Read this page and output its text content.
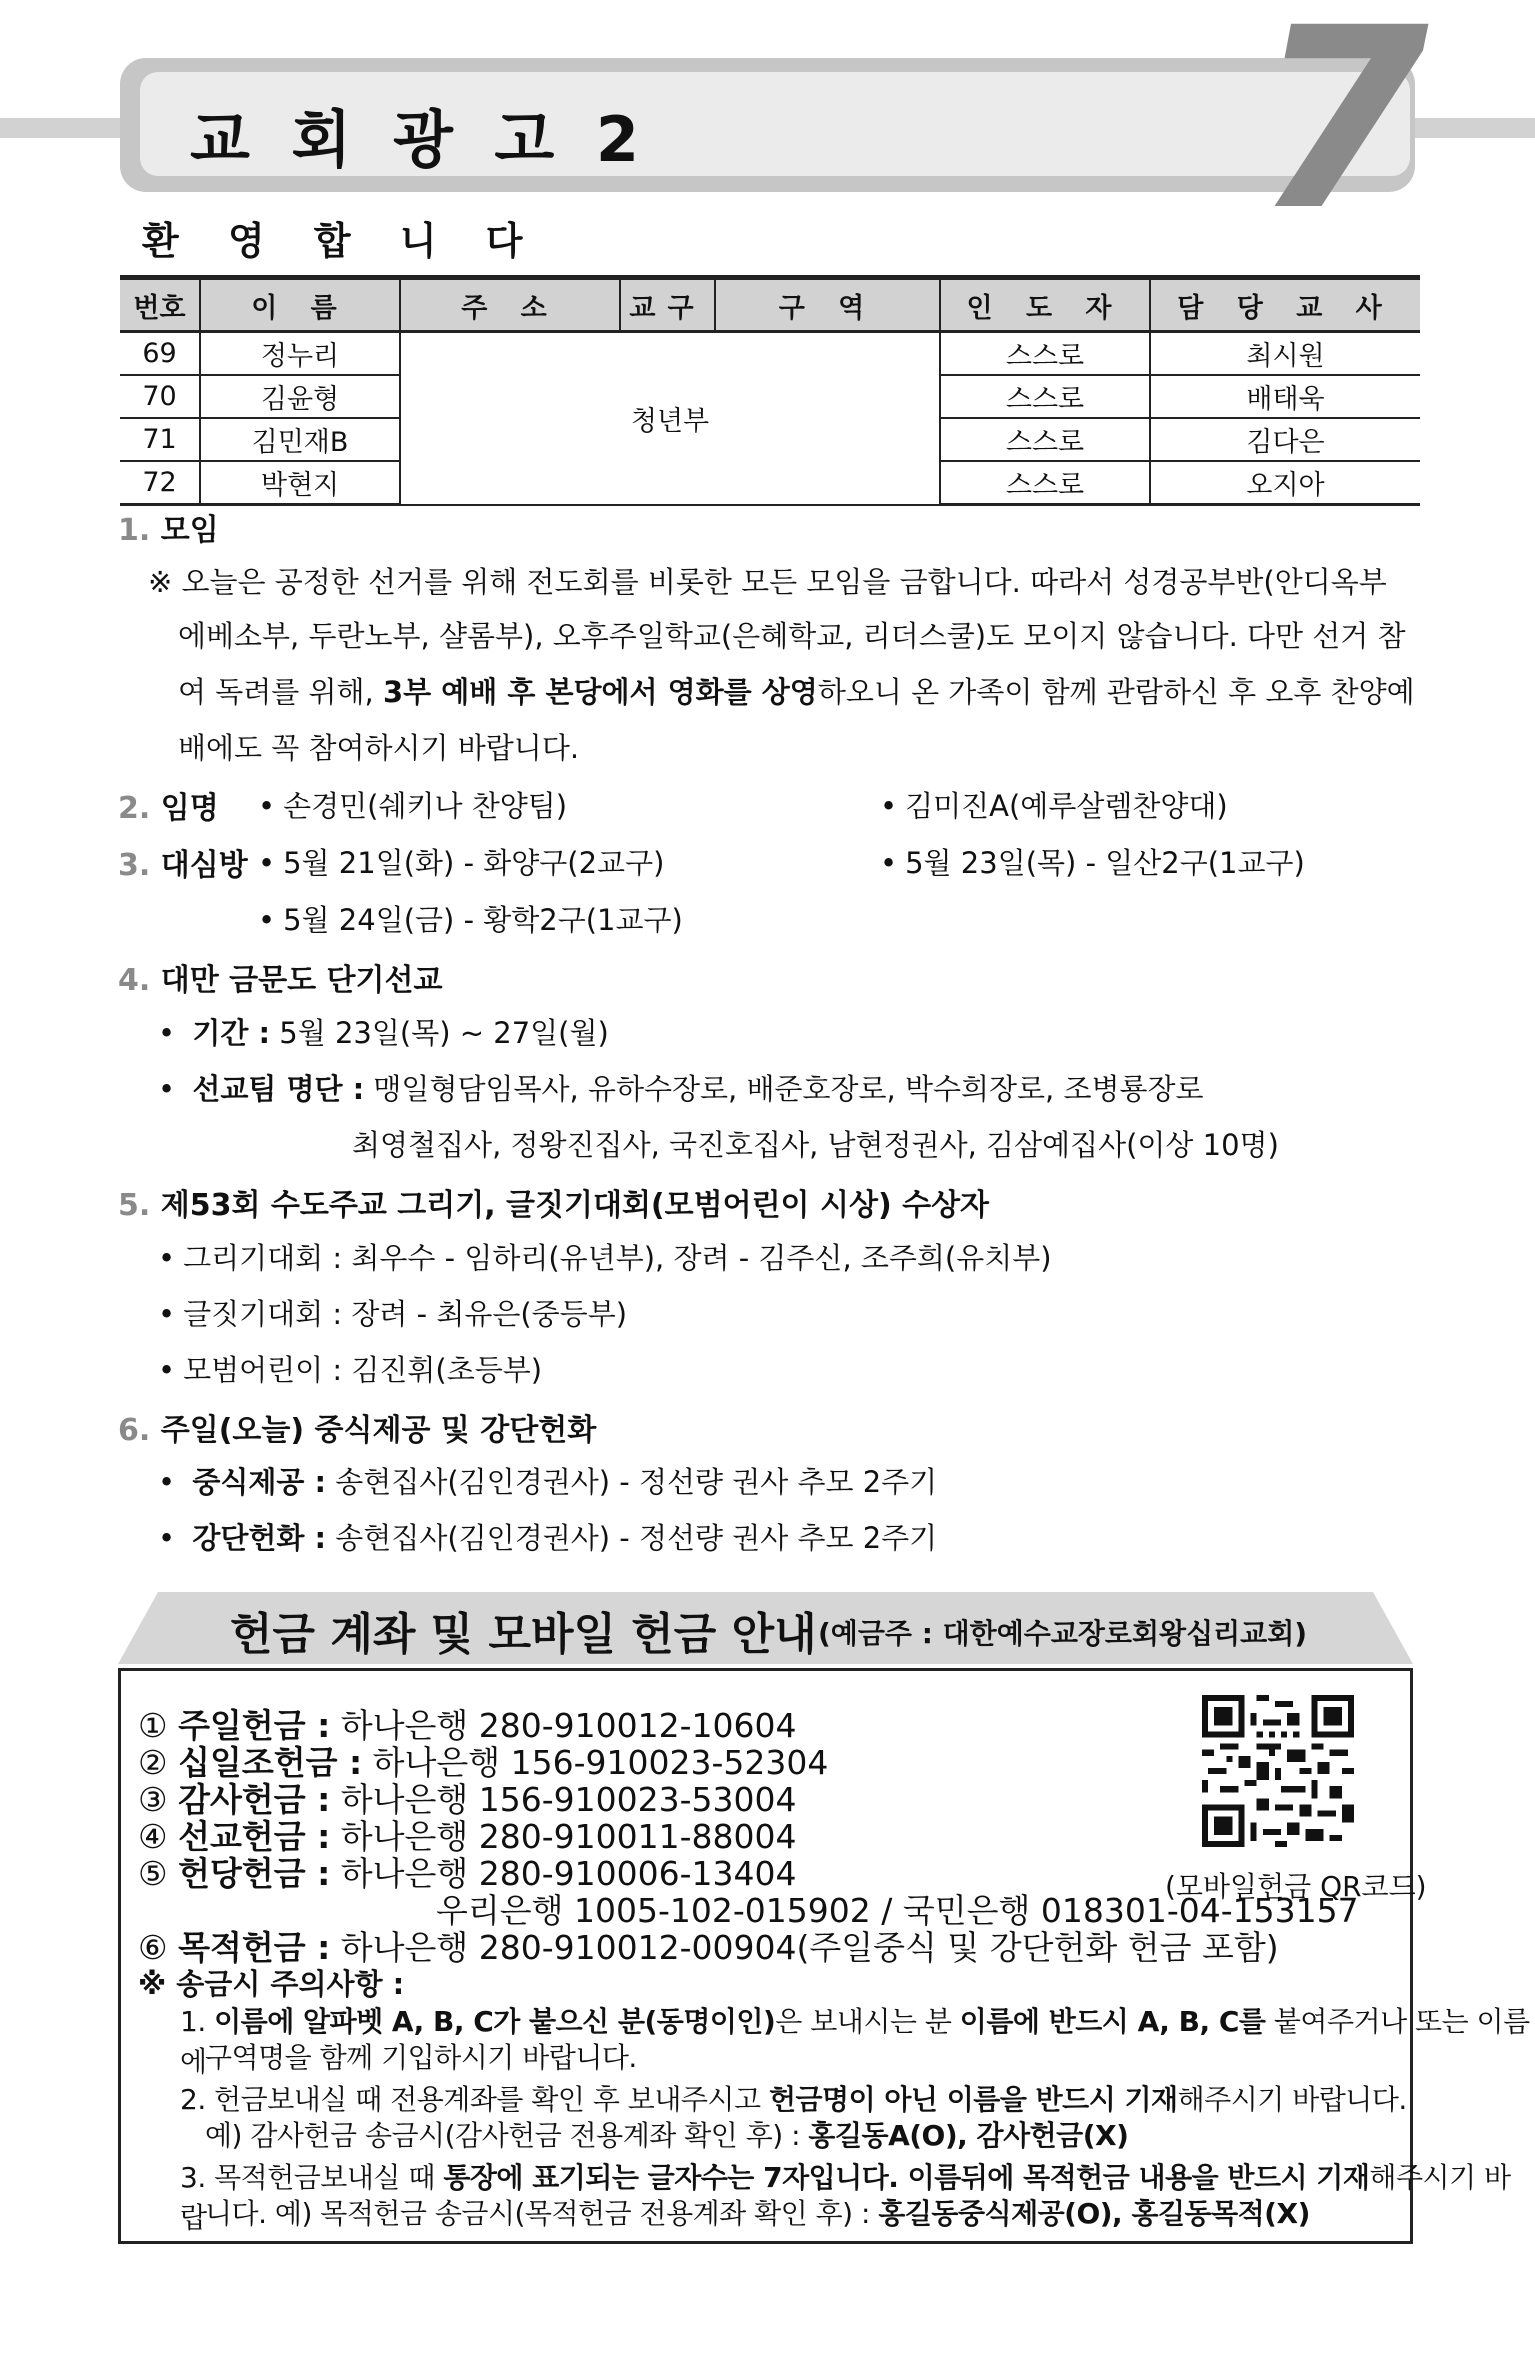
교 회 광 고 2 7
환 영 합 니 다
번호	이 름	주 소	교구	구 역	인 도 자	담 당 교 사
69	정누리	청년부			스스로	최시원
70	김윤형				스스로	배태욱
71	김민재B				스스로	김다은
72	박현지				스스로	오지아
1. 모임
※ 오늘은 공정한 선거를 위해 전도회를 비롯한 모든 모임을 금합니다. 따라서 성경공부반(안디옥부
에베소부, 두란노부, 샬롬부), 오후주일학교(은혜학교, 리더스쿨)도 모이지 않습니다. 다만 선거 참
여 독려를 위해, 3부 예배 후 본당에서 영화를 상영하오니 온 가족이 함께 관람하신 후 오후 찬양예
배에도 꼭 참여하시기 바랍니다.
2. 임명	• 손경민(쉐키나 찬양팀)	• 김미진A(예루살렘찬양대)
3. 대심방	• 5월 21일(화) - 화양구(2교구)	• 5월 23일(목) - 일산2구(1교구)
• 5월 24일(금) - 황학2구(1교구)
4. 대만 금문도 단기선교
• 기간 : 5월 23일(목) ~ 27일(월)
• 선교팀 명단 : 맹일형담임목사, 유하수장로, 배준호장로, 박수희장로, 조병룡장로
최영철집사, 정왕진집사, 국진호집사, 남현정권사, 김삼예집사(이상 10명)
5. 제53회 수도주교 그리기, 글짓기대회(모범어린이 시상) 수상자
• 그리기대회 : 최우수 - 임하리(유년부), 장려 - 김주신, 조주희(유치부)
• 글짓기대회 : 장려 - 최유은(중등부)
• 모범어린이 : 김진휘(초등부)
6. 주일(오늘) 중식제공 및 강단헌화
• 중식제공 : 송현집사(김인경권사) - 정선량 권사 추모 2주기
• 강단헌화 : 송현집사(김인경권사) - 정선량 권사 추모 2주기
헌금 계좌 및 모바일 헌금 안내 (예금주 : 대한예수교장로회왕십리교회)
① 주일헌금 : 하나은행 280-910012-10604
② 십일조헌금 : 하나은행 156-910023-52304
③ 감사헌금 : 하나은행 156-910023-53004
④ 선교헌금 : 하나은행 280-910011-88004
⑤ 헌당헌금 : 하나은행 280-910006-13404
우리은행 1005-102-015902 / 국민은행 018301-04-153157
⑥ 목적헌금 : 하나은행 280-910012-00904(주일중식 및 강단헌화 헌금 포함)
(모바일헌금 QR코드)
※ 송금시 주의사항 :
1. 이름에 알파벳 A, B, C가 붙으신 분(동명이인)은 보내시는 분 이름에 반드시 A, B, C를 붙여주거나 또는 이름에
구역명을 함께 기입하시기 바랍니다.
2. 헌금보내실 때 전용계좌를 확인 후 보내주시고 헌금명이 아닌 이름을 반드시 기재해주시기 바랍니다.
예) 감사헌금 송금시(감사헌금 전용계좌 확인 후) : 홍길동A(O), 감사헌금(X)
3. 목적헌금보내실 때 통장에 표기되는 글자수는 7자입니다. 이름뒤에 목적헌금 내용을 반드시 기재해주시기 바랍
니다. 예) 목적헌금 송금시(목적헌금 전용계좌 확인 후) : 홍길동중식제공(O), 홍길동목적(X)
